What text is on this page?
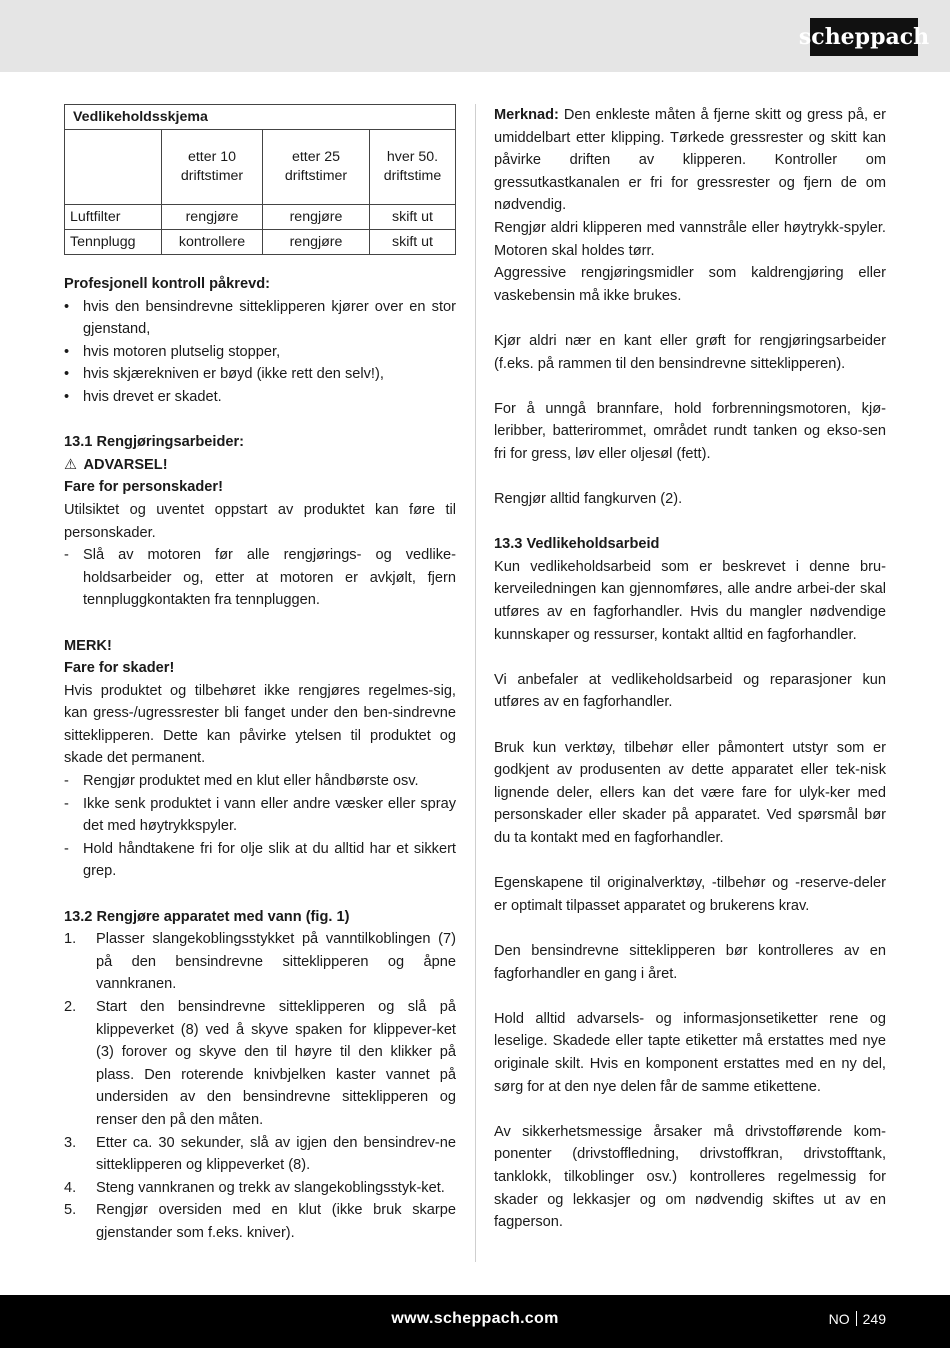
scheppach
Vedlikeholdsskjema			
	etter 10 driftstimer	etter 25 driftstimer	hver 50. driftstime
Luftfilter	rengjøre	rengjøre	skift ut
Tennplugg	kontrollere	rengjøre	skift ut

Profesjonell kontroll påkrevd:

• hvis den bensindrevne sitteklipperen kjører over en stor gjenstand,
• hvis motoren plutselig stopper,
• hvis skjærekniven er bøyd (ikke rett den selv!),
• hvis drevet er skadet.

13.1 Rengjøringsarbeider:

⚠ ADVARSEL!

Fare for personskader!

Utilsiktet og uventet oppstart av produktet kan føre til personskader.

- Slå av motoren før alle rengjørings- og vedlike-holdsarbeider og, etter at motoren er avkjølt, fjern tennpluggkontakten fra tennpluggen.

MERK!

Fare for skader!

Hvis produktet og tilbehøret ikke rengjøres regelmes-sig, kan gress-/ugressrester bli fanget under den ben-sindrevne sitteklipperen. Dette kan påvirke ytelsen til produktet og skade det permanent.

- Rengjør produktet med en klut eller håndbørste osv.
- Ikke senk produktet i vann eller andre væsker eller spray det med høytrykkspyler.
- Hold håndtakene fri for olje slik at du alltid har et sikkert grep.

13.2 Rengjøre apparatet med vann (fig. 1)

1. Plasser slangekoblingsstykket på vanntilkoblingen (7) på den bensindrevne sitteklipperen og åpne vannkranen.
2. Start den bensindrevne sitteklipperen og slå på klippeverket (8) ved å skyve spaken for klippever-ket (3) forover og skyve den til høyre til den klikker på plass. Den roterende knivbjelken kaster vannet på undersiden av den bensindrevne sitteklipperen og renser den på den måten.
3. Etter ca. 30 sekunder, slå av igjen den bensindrev-ne sitteklipperen og klippeverket (8).
4. Steng vannkranen og trekk av slangekoblingsstyk-ket.
5. Rengjør oversiden med en klut (ikke bruk skarpe gjenstander som f.eks. kniver).

Merknad: Den enkleste måten å fjerne skitt og gress på, er umiddelbart etter klipping. Tørkede gressrester og skitt kan påvirke driften av klipperen. Kontroller om gressutkastkanalen er fri for gressrester og fjern de om nødvendig.

Rengjør aldri klipperen med vannstråle eller høytrykk-spyler. Motoren skal holdes tørr.

Aggressive rengjøringsmidler som kaldrengjøring eller vaskebensin må ikke brukes.

Kjør aldri nær en kant eller grøft for rengjøringsarbeider (f.eks. på rammen til den bensindrevne sitteklipperen).

For å unngå brannfare, hold forbrenningsmotoren, kjø-leribber, batterirommet, området rundt tanken og ekso-sen fri for gress, løv eller oljesøl (fett).

Rengjør alltid fangkurven (2).

13.3 Vedlikeholdsarbeid

Kun vedlikeholdsarbeid som er beskrevet i denne bru-kerveiledningen kan gjennomføres, alle andre arbei-der skal utføres av en fagforhandler. Hvis du mangler nødvendige kunnskaper og ressurser, kontakt alltid en fagforhandler.

Vi anbefaler at vedlikeholdsarbeid og reparasjoner kun utføres av en fagforhandler.

Bruk kun verktøy, tilbehør eller påmontert utstyr som er godkjent av produsenten av dette apparatet eller tek-nisk lignende deler, ellers kan det være fare for ulyk-ker med personskader eller skader på apparatet. Ved spørsmål bør du ta kontakt med en fagforhandler.

Egenskapene til originalverktøy, -tilbehør og -reserve-deler er optimalt tilpasset apparatet og brukerens krav.

Den bensindrevne sitteklipperen bør kontrolleres av en fagforhandler en gang i året.

Hold alltid advarsels- og informasjonsetiketter rene og leselige. Skadede eller tapte etiketter må erstattes med nye originale skilt. Hvis en komponent erstattes med en ny del, sørg for at den nye delen får de samme etikettene.

Av sikkerhetsmessige årsaker må drivstofførende kom-ponenter (drivstoffledning, drivstoffkran, drivstofftank, tanklokk, tilkoblinger osv.) kontrolleres regelmessig for skader og lekkasjer og om nødvendig skiftes ut av en fagperson.

www.scheppach.com	NO 249
